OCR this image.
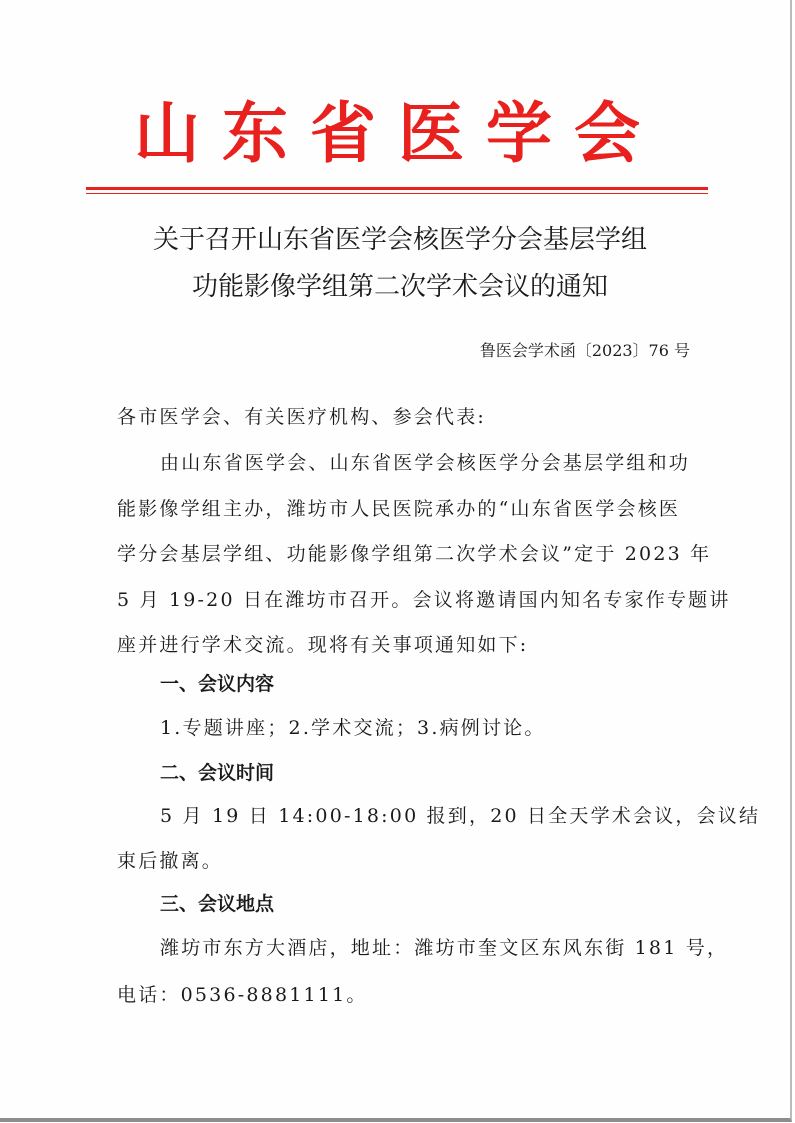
山东省医学会
关于召开山东省医学会核医学分会基层学组
功能影像学组第二次学术会议的通知
鲁医会学术函〔2023〕76 号
各市医学会、有关医疗机构、参会代表:
由山东省医学会、山东省医学会核医学分会基层学组和功
能影像学组主办，潍坊市人民医院承办的“山东省医学会核医
学分会基层学组、功能影像学组第二次学术会议”定于 2023 年
5 月 19-20 日在潍坊市召开。会议将邀请国内知名专家作专题讲
座并进行学术交流。现将有关事项通知如下:
一、会议内容
1.专题讲座；2.学术交流；3.病例讨论。
二、会议时间
5 月 19 日 14:00-18:00 报到，20 日全天学术会议，会议结
束后撤离。
三、会议地点
潍坊市东方大酒店，地址：潍坊市奎文区东风东街 181 号，
电话：0536-8881111。
